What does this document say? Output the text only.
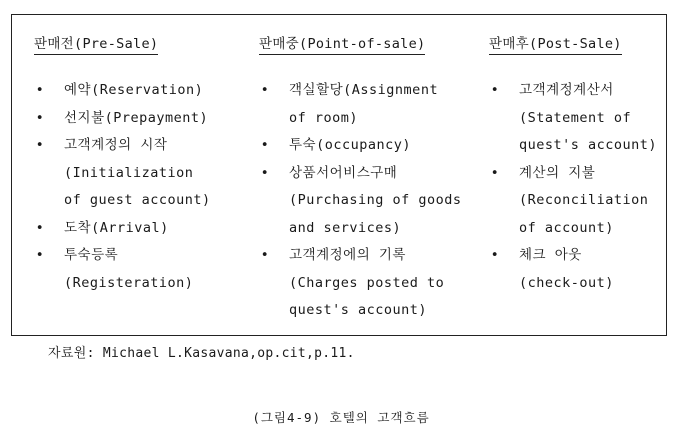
판매전(Pre-Sale)
• 예약(Reservation)
• 선지불(Prepayment)
• 고객계정의 시작
(Initialization
of guest account)
• 도착(Arrival)
• 투숙등록
(Registeration)
판매중(Point-of-sale)
• 객실할당(Assignment
of room)
• 투숙(occupancy)
• 상품서어비스구매
(Purchasing of goods
and services)
• 고객계정에의 기록
(Charges posted to
quest's account)
판매후(Post-Sale)
• 고객계정계산서
(Statement of
quest's account)
• 계산의 지불
(Reconciliation
of account)
• 체크 아웃
(check-out)
자료원: Michael L.Kasavana,op.cit,p.11.
(그림4-9) 호텔의 고객흐름
